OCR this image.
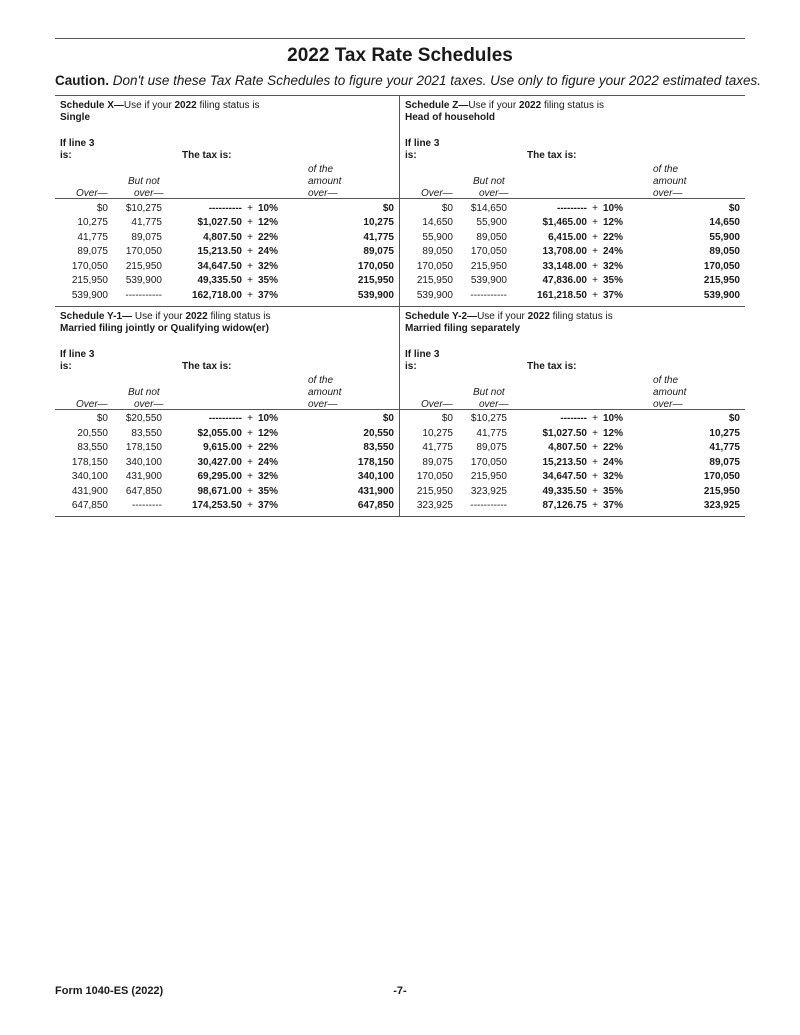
2022 Tax Rate Schedules
Caution. Don't use these Tax Rate Schedules to figure your 2021 taxes. Use only to figure your 2022 estimated taxes.
Schedule X—Use if your 2022 filing status is
Single
If line 3
is:	The tax is:
of the
amount
over—
But not
over—
Over—
$0	$10,275	----------	+	10%	$0
10,275	41,775	$1,027.50	+	12%	10,275
41,775	89,075	4,807.50	+	22%	41,775
89,075	170,050	15,213.50	+	24%	89,075
170,050	215,950	34,647.50	+	32%	170,050
215,950	539,900	49,335.50	+	35%	215,950
539,900	-----------	162,718.00	+	37%	539,900
Schedule Z—Use if your 2022 filing status is
Head of household
If line 3
is:	The tax is:
of the
amount
over—
But not
over—
Over—
$0	$14,650	---------	+	10%	$0
14,650	55,900	$1,465.00	+	12%	14,650
55,900	89,050	6,415.00	+	22%	55,900
89,050	170,050	13,708.00	+	24%	89,050
170,050	215,950	33,148.00	+	32%	170,050
215,950	539,900	47,836.00	+	35%	215,950
539,900	-----------	161,218.50	+	37%	539,900
Schedule Y-1— Use if your 2022 filing status is
Married filing jointly or Qualifying widow(er)
If line 3
is:	The tax is:
of the
amount
over—
But not
over—
Over—
$0	$20,550	----------	+	10%	$0
20,550	83,550	$2,055.00	+	12%	20,550
83,550	178,150	9,615.00	+	22%	83,550
178,150	340,100	30,427.00	+	24%	178,150
340,100	431,900	69,295.00	+	32%	340,100
431,900	647,850	98,671.00	+	35%	431,900
647,850	---------	174,253.50	+	37%	647,850
Schedule Y-2—Use if your 2022 filing status is
Married filing separately
If line 3
is:	The tax is:
of the
amount
over—
But not
over—
Over—
$0	$10,275	--------	+	10%	$0
10,275	41,775	$1,027.50	+	12%	10,275
41,775	89,075	4,807.50	+	22%	41,775
89,075	170,050	15,213.50	+	24%	89,075
170,050	215,950	34,647.50	+	32%	170,050
215,950	323,925	49,335.50	+	35%	215,950
323,925	-----------	87,126.75	+	37%	323,925
Form 1040-ES (2022)	-7-
